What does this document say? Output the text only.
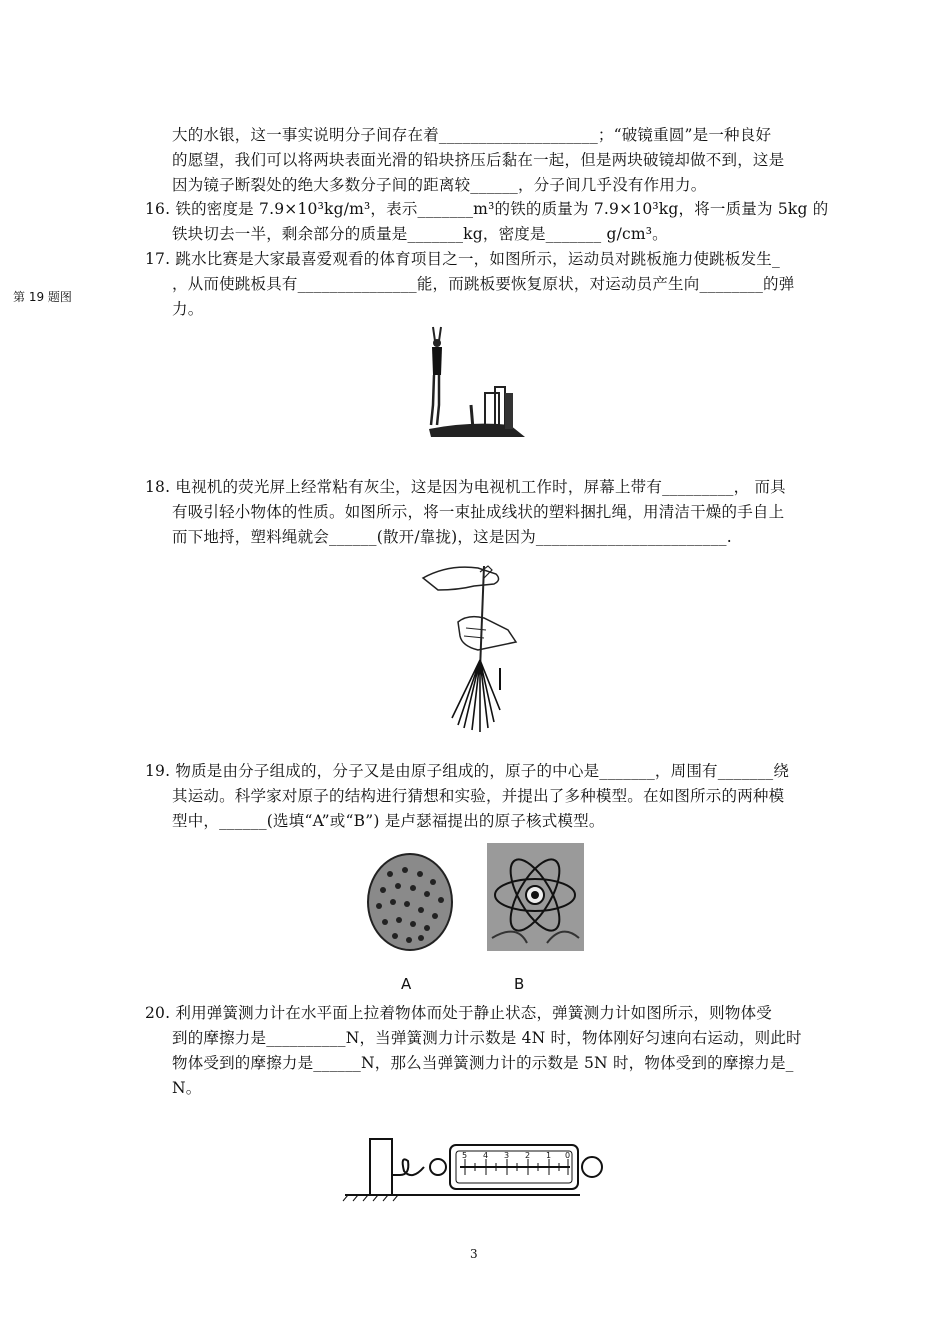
第 19 题图
大的水银，这一事实说明分子间存在着____________________；“破镜重圆”是一种良好
的愿望，我们可以将两块表面光滑的铅块挤压后黏在一起，但是两块破镜却做不到，这是
因为镜子断裂处的绝大多数分子间的距离较______，分子间几乎没有作用力。
16. 铁的密度是 7.9×10³kg/m³，表示_______m³的铁的质量为 7.9×10³kg，将一质量为 5kg 的
铁块切去一半，剩余部分的质量是_______kg，密度是_______ g/cm³。
17. 跳水比赛是大家最喜爱观看的体育项目之一，如图所示，运动员对跳板施力使跳板发生_
，从而使跳板具有_______________能，而跳板要恢复原状，对运动员产生向________的弹
力。
18. 电视机的荧光屏上经常粘有灰尘，这是因为电视机工作时，屏幕上带有_________， 而具
有吸引轻小物体的性质。如图所示，将一束扯成线状的塑料捆扎绳，用清洁干燥的手自上
而下地捋，塑料绳就会______(散开/靠拢)，这是因为________________________.
19. 物质是由分子组成的，分子又是由原子组成的，原子的中心是_______，周围有_______绕
其运动。科学家对原子的结构进行猜想和实验，并提出了多种模型。在如图所示的两种模
型中，______(选填“A”或“B”) 是卢瑟福提出的原子核式模型。
A	B
20. 利用弹簧测力计在水平面上拉着物体而处于静止状态，弹簧测力计如图所示，则物体受
到的摩擦力是__________N，当弹簧测力计示数是 4N 时，物体刚好匀速向右运动，则此时
物体受到的摩擦力是______N，那么当弹簧测力计的示数是 5N 时，物体受到的摩擦力是_
N。
5 4 3 2 1 0
3
